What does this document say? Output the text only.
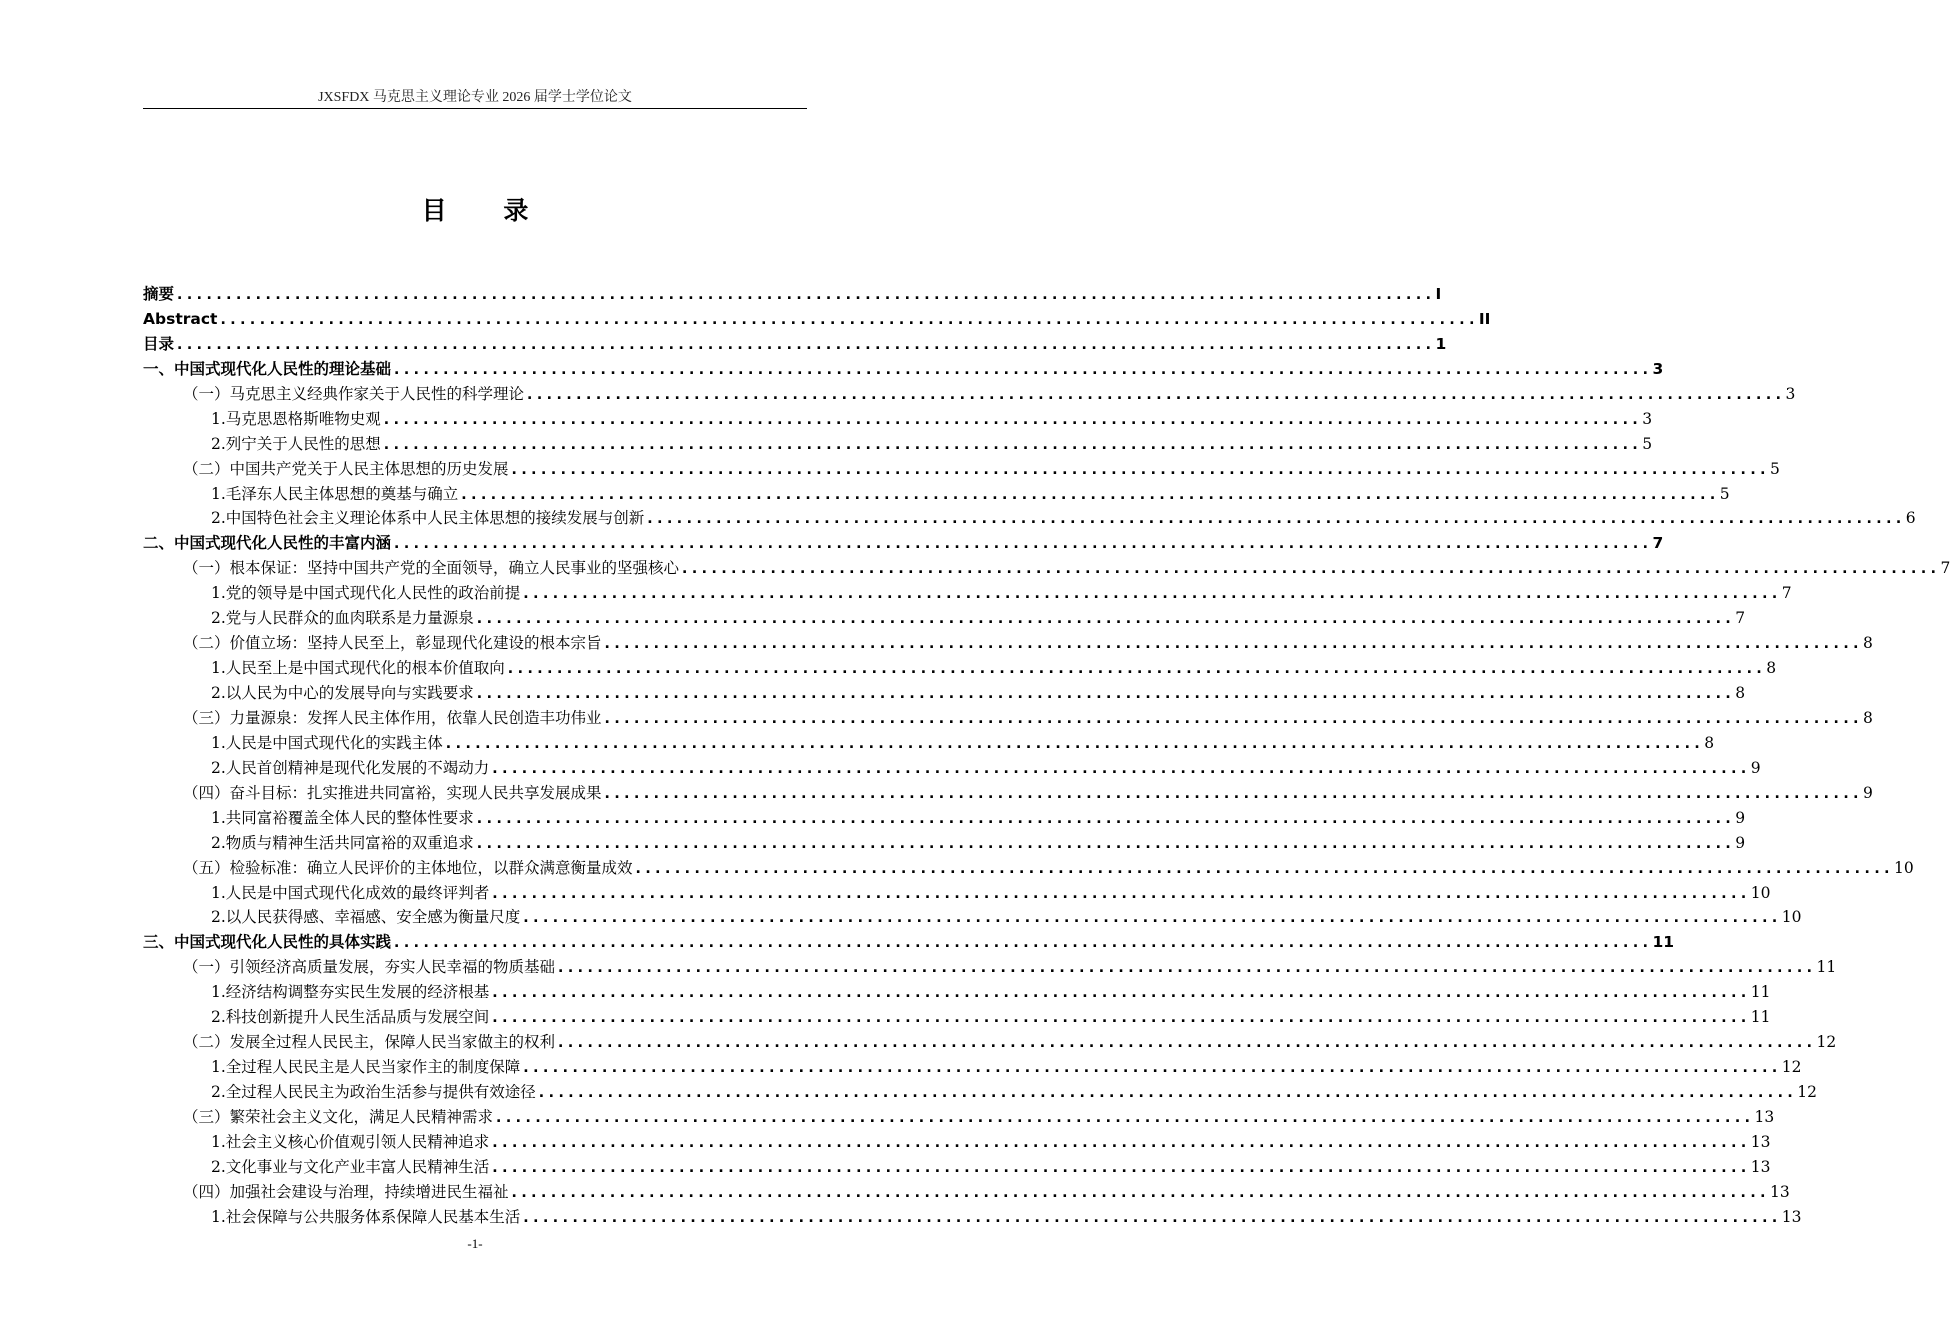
JXSFDX 马克思主义理论专业 2026 届学士学位论文
目 录
摘要 .....	I
Abstract .....	II
目录 .....	1
一、中国式现代化人民性的理论基础 .....	3
（一）马克思主义经典作家关于人民性的科学理论 .....	3
1.马克思恩格斯唯物史观 .....	3
2.列宁关于人民性的思想 .....	5
（二）中国共产党关于人民主体思想的历史发展 .....	5
1.毛泽东人民主体思想的奠基与确立 .....	5
2.中国特色社会主义理论体系中人民主体思想的接续发展与创新 .....	6
二、中国式现代化人民性的丰富内涵 .....	7
（一）根本保证：坚持中国共产党的全面领导，确立人民事业的坚强核心 .....	7
1.党的领导是中国式现代化人民性的政治前提 .....	7
2.党与人民群众的血肉联系是力量源泉 .....	7
（二）价值立场：坚持人民至上，彰显现代化建设的根本宗旨 .....	8
1.人民至上是中国式现代化的根本价值取向 .....	8
2.以人民为中心的发展导向与实践要求 .....	8
（三）力量源泉：发挥人民主体作用，依靠人民创造丰功伟业 .....	8
1.人民是中国式现代化的实践主体 .....	8
2.人民首创精神是现代化发展的不竭动力 .....	9
（四）奋斗目标：扎实推进共同富裕，实现人民共享发展成果 .....	9
1.共同富裕覆盖全体人民的整体性要求 .....	9
2.物质与精神生活共同富裕的双重追求 .....	9
（五）检验标准：确立人民评价的主体地位，以群众满意衡量成效 .....	10
1.人民是中国式现代化成效的最终评判者 .....	10
2.以人民获得感、幸福感、安全感为衡量尺度 .....	10
三、中国式现代化人民性的具体实践 .....	11
（一）引领经济高质量发展，夯实人民幸福的物质基础 .....	11
1.经济结构调整夯实民生发展的经济根基 .....	11
2.科技创新提升人民生活品质与发展空间 .....	11
（二）发展全过程人民民主，保障人民当家做主的权利 .....	12
1.全过程人民民主是人民当家作主的制度保障 .....	12
2.全过程人民民主为政治生活参与提供有效途径 .....	12
（三）繁荣社会主义文化，满足人民精神需求 .....	13
1.社会主义核心价值观引领人民精神追求 .....	13
2.文化事业与文化产业丰富人民精神生活 .....	13
（四）加强社会建设与治理，持续增进民生福祉 .....	13
1.社会保障与公共服务体系保障人民基本生活 .....	13
-1-
